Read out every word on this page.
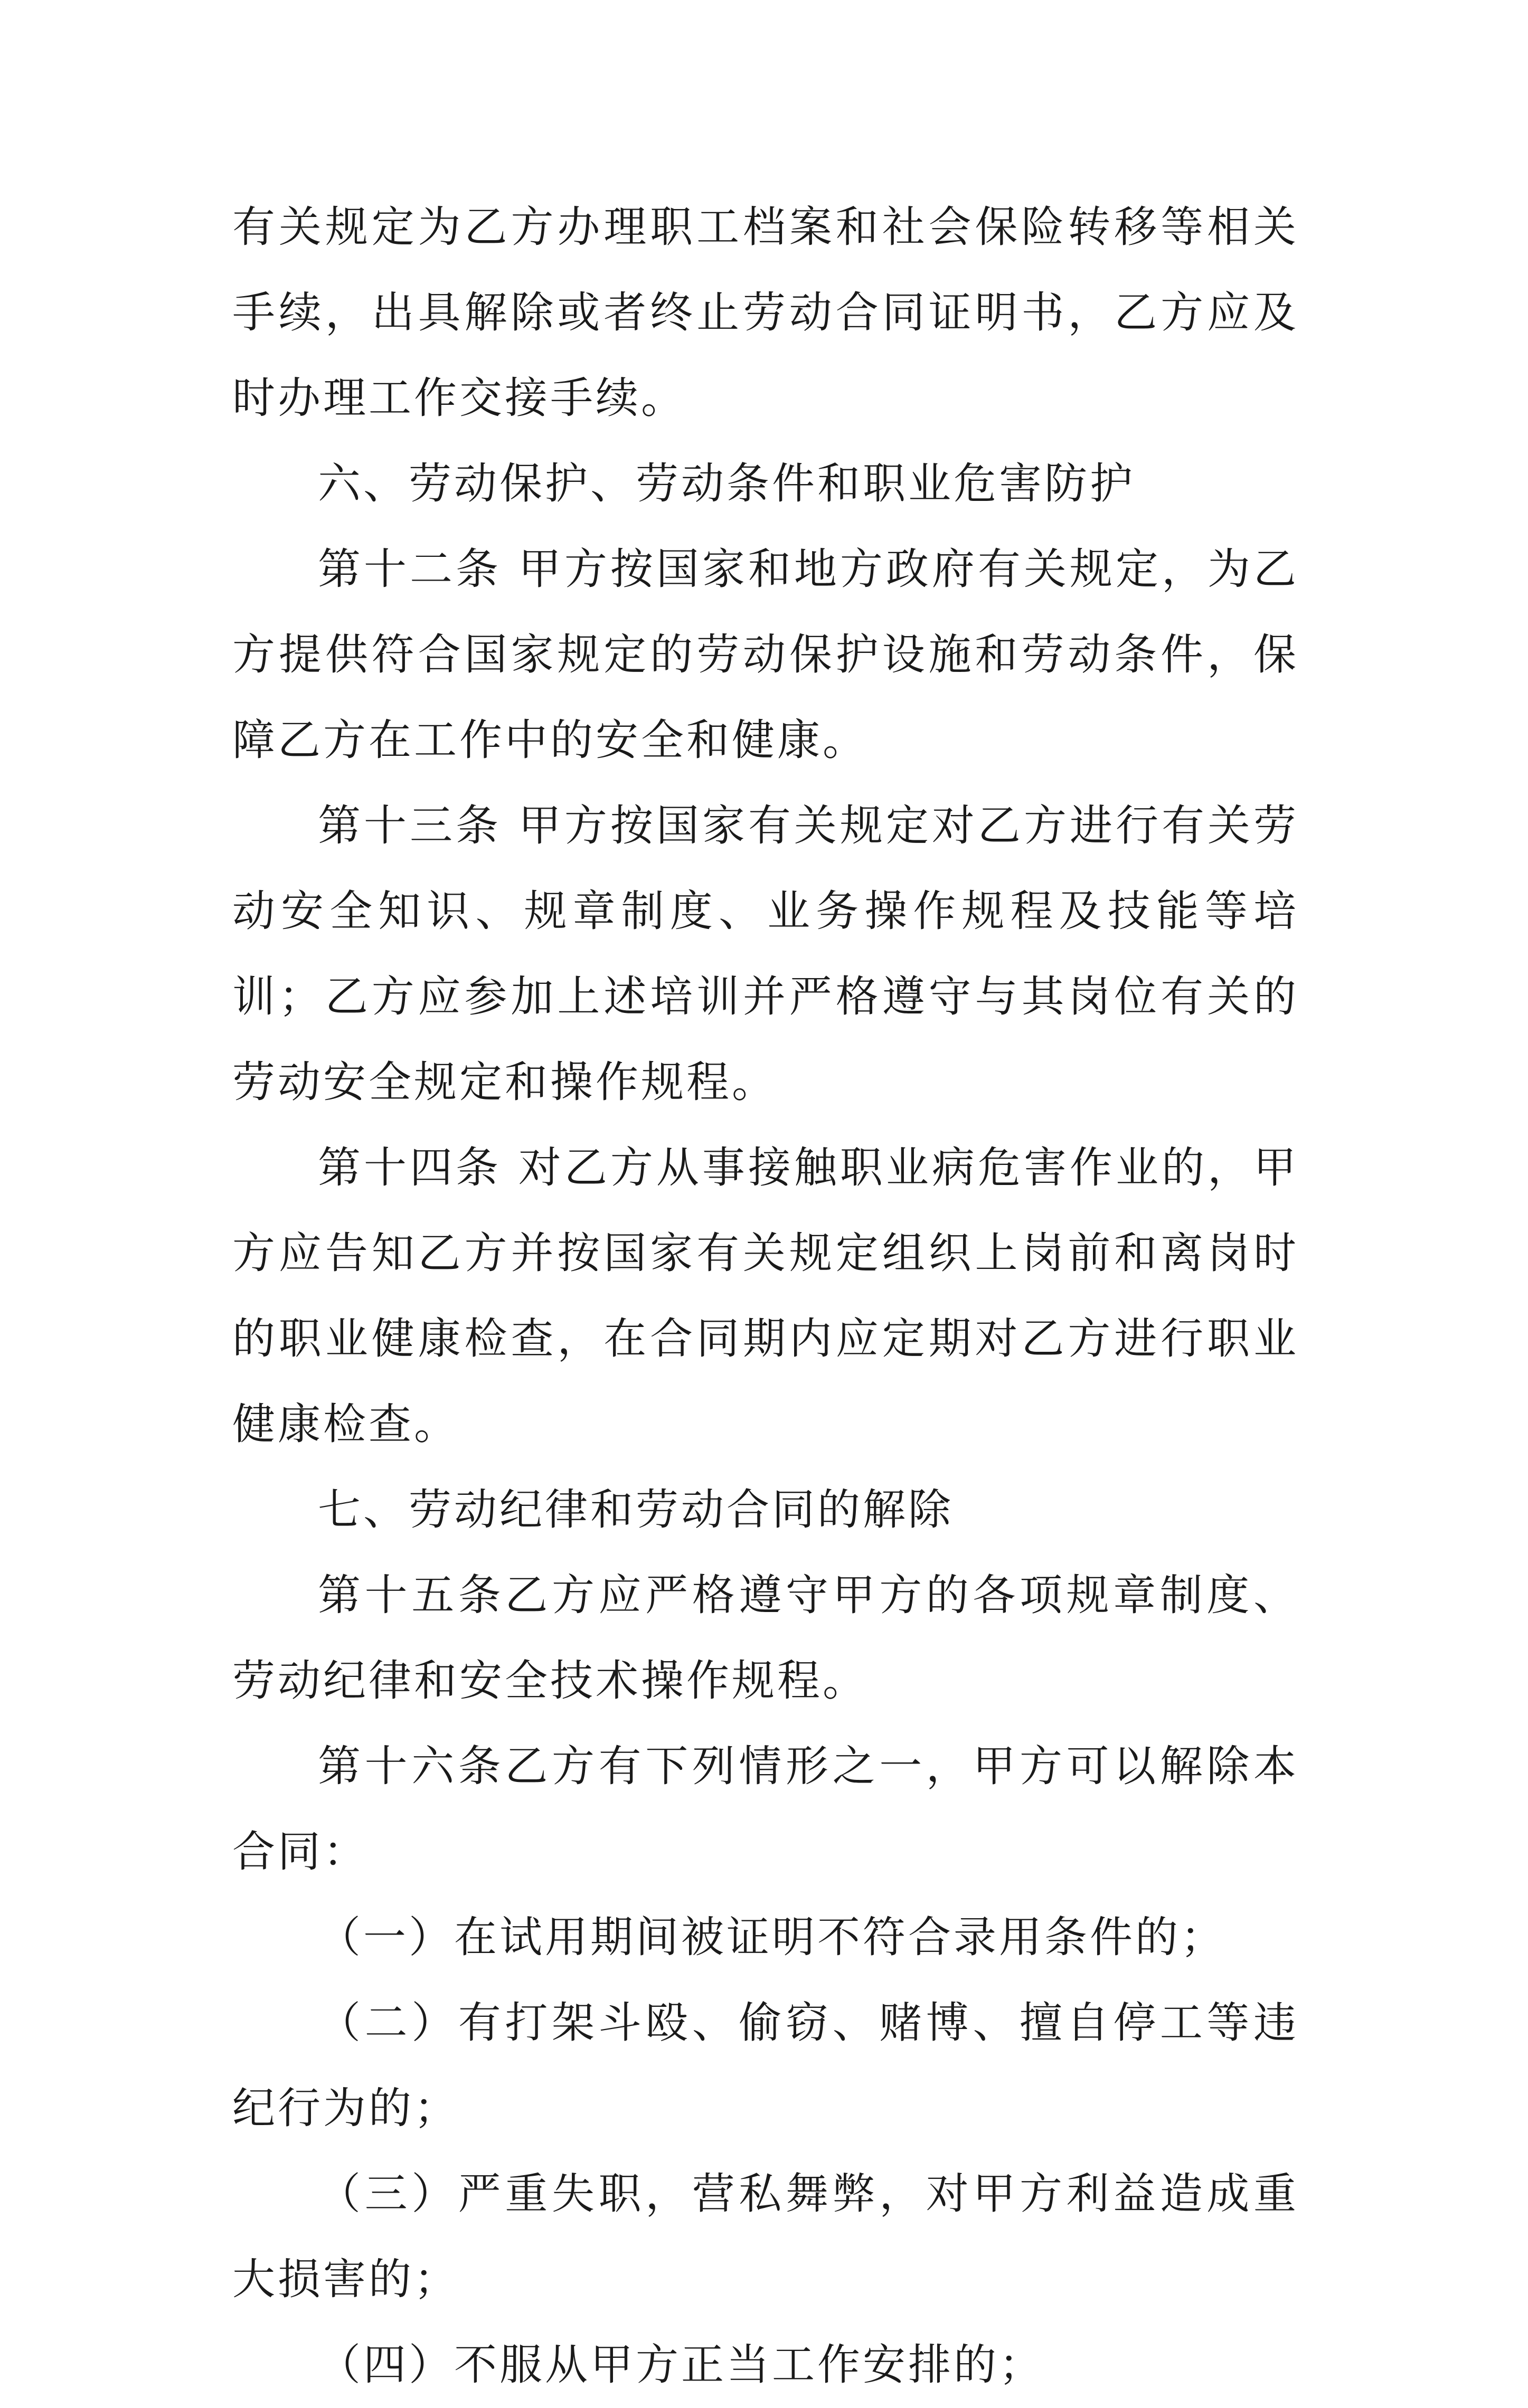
有关规定为乙方办理职工档案和社会保险转移等相关手续，出具解除或者终止劳动合同证明书，乙方应及时办理工作交接手续。

六、劳动保护、劳动条件和职业危害防护

第十二条 甲方按国家和地方政府有关规定，为乙方提供符合国家规定的劳动保护设施和劳动条件，保障乙方在工作中的安全和健康。

第十三条 甲方按国家有关规定对乙方进行有关劳动安全知识、规章制度、业务操作规程及技能等培训；乙方应参加上述培训并严格遵守与其岗位有关的劳动安全规定和操作规程。

第十四条 对乙方从事接触职业病危害作业的，甲方应告知乙方并按国家有关规定组织上岗前和离岗时的职业健康检查，在合同期内应定期对乙方进行职业健康检查。

七、劳动纪律和劳动合同的解除

第十五条乙方应严格遵守甲方的各项规章制度、劳动纪律和安全技术操作规程。

第十六条乙方有下列情形之一，甲方可以解除本合同：

（一）在试用期间被证明不符合录用条件的；

（二）有打架斗殴、偷窃、赌博、擅自停工等违纪行为的；

（三）严重失职，营私舞弊，对甲方利益造成重大损害的；

（四）不服从甲方正当工作安排的；
